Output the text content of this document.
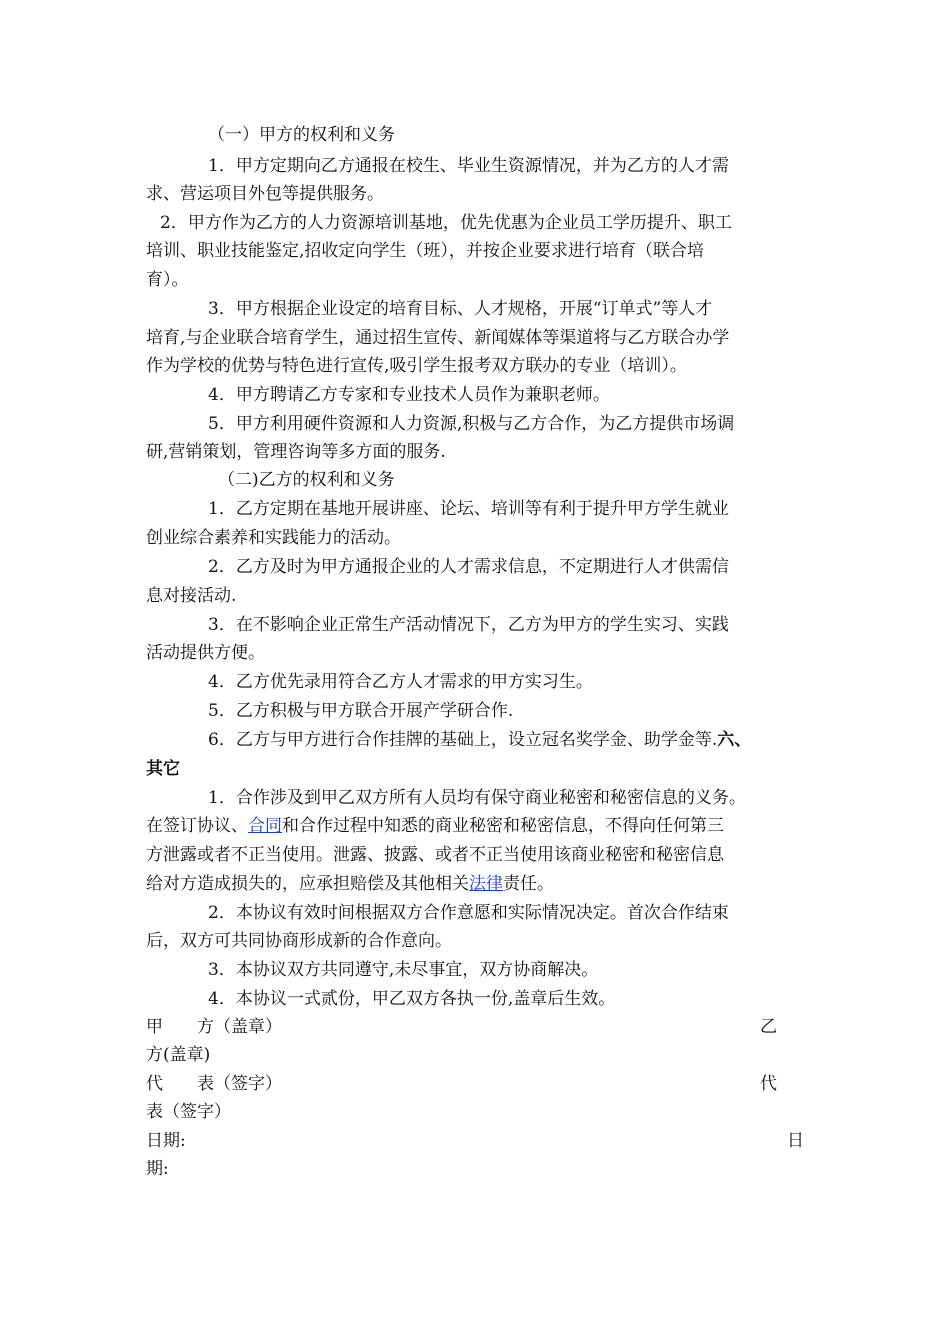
（一）甲方的权利和义务
1．甲方定期向乙方通报在校生、毕业生资源情况，并为乙方的人才需
求、营运项目外包等提供服务。
2．甲方作为乙方的人力资源培训基地，优先优惠为企业员工学历提升、职工
培训、职业技能鉴定,招收定向学生（班），并按企业要求进行培育（联合培
育）。
3．甲方根据企业设定的培育目标、人才规格，开展“订单式”等人才
培育,与企业联合培育学生，通过招生宣传、新闻媒体等渠道将与乙方联合办学
作为学校的优势与特色进行宣传,吸引学生报考双方联办的专业（培训）。
4．甲方聘请乙方专家和专业技术人员作为兼职老师。
5．甲方利用硬件资源和人力资源,积极与乙方合作，为乙方提供市场调
研,营销策划，管理咨询等多方面的服务.
（二)乙方的权利和义务
1．乙方定期在基地开展讲座、论坛、培训等有利于提升甲方学生就业
创业综合素养和实践能力的活动。
2．乙方及时为甲方通报企业的人才需求信息，不定期进行人才供需信
息对接活动.
3．在不影响企业正常生产活动情况下，乙方为甲方的学生实习、实践
活动提供方便。
4．乙方优先录用符合乙方人才需求的甲方实习生。
5．乙方积极与甲方联合开展产学研合作.
6．乙方与甲方进行合作挂牌的基础上，设立冠名奖学金、助学金等.六、
其它
1．合作涉及到甲乙双方所有人员均有保守商业秘密和秘密信息的义务。
在签订协议、合同和合作过程中知悉的商业秘密和秘密信息，不得向任何第三
方泄露或者不正当使用。泄露、披露、或者不正当使用该商业秘密和秘密信息
给对方造成损失的，应承担赔偿及其他相关法律责任。
2．本协议有效时间根据双方合作意愿和实际情况决定。首次合作结束
后，双方可共同协商形成新的合作意向。
3．本协议双方共同遵守,未尽事宜，双方协商解决。
4．本协议一式贰份，甲乙双方各执一份,盖章后生效。
甲　　方（盖章）	乙
方(盖章)
代　　表（签字）	代
表（签字）
日期:	日
期:
